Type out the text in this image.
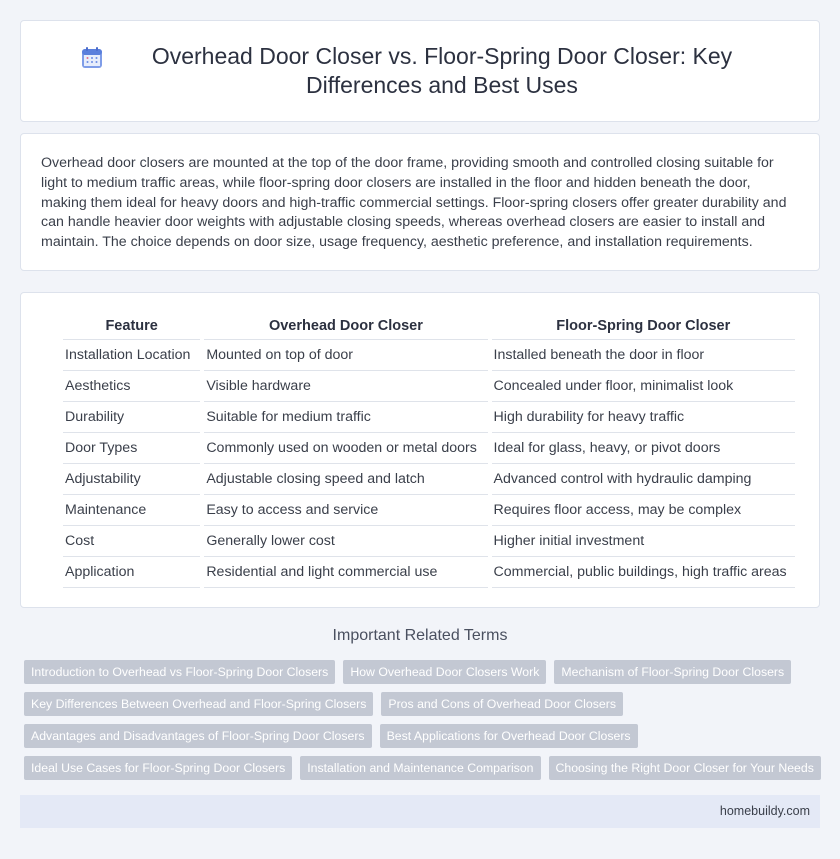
Overhead Door Closer vs. Floor-Spring Door Closer: Key Differences and Best Uses

Overhead door closers are mounted at the top of the door frame, providing smooth and controlled closing suitable for light to medium traffic areas, while floor-spring door closers are installed in the floor and hidden beneath the door, making them ideal for heavy doors and high-traffic commercial settings. Floor-spring closers offer greater durability and can handle heavier door weights with adjustable closing speeds, whereas overhead closers are easier to install and maintain. The choice depends on door size, usage frequency, aesthetic preference, and installation requirements.

Feature	Overhead Door Closer	Floor-Spring Door Closer
Installation Location	Mounted on top of door	Installed beneath the door in floor
Aesthetics	Visible hardware	Concealed under floor, minimalist look
Durability	Suitable for medium traffic	High durability for heavy traffic
Door Types	Commonly used on wooden or metal doors	Ideal for glass, heavy, or pivot doors
Adjustability	Adjustable closing speed and latch	Advanced control with hydraulic damping
Maintenance	Easy to access and service	Requires floor access, may be complex
Cost	Generally lower cost	Higher initial investment
Application	Residential and light commercial use	Commercial, public buildings, high traffic areas
Important Related Terms
Introduction to Overhead vs Floor-Spring Door Closers	How Overhead Door Closers Work	Mechanism of Floor-Spring Door Closers
Key Differences Between Overhead and Floor-Spring Closers	Pros and Cons of Overhead Door Closers
Advantages and Disadvantages of Floor-Spring Door Closers	Best Applications for Overhead Door Closers
Ideal Use Cases for Floor-Spring Door Closers	Installation and Maintenance Comparison	Choosing the Right Door Closer for Your Needs
homebuildy.com
